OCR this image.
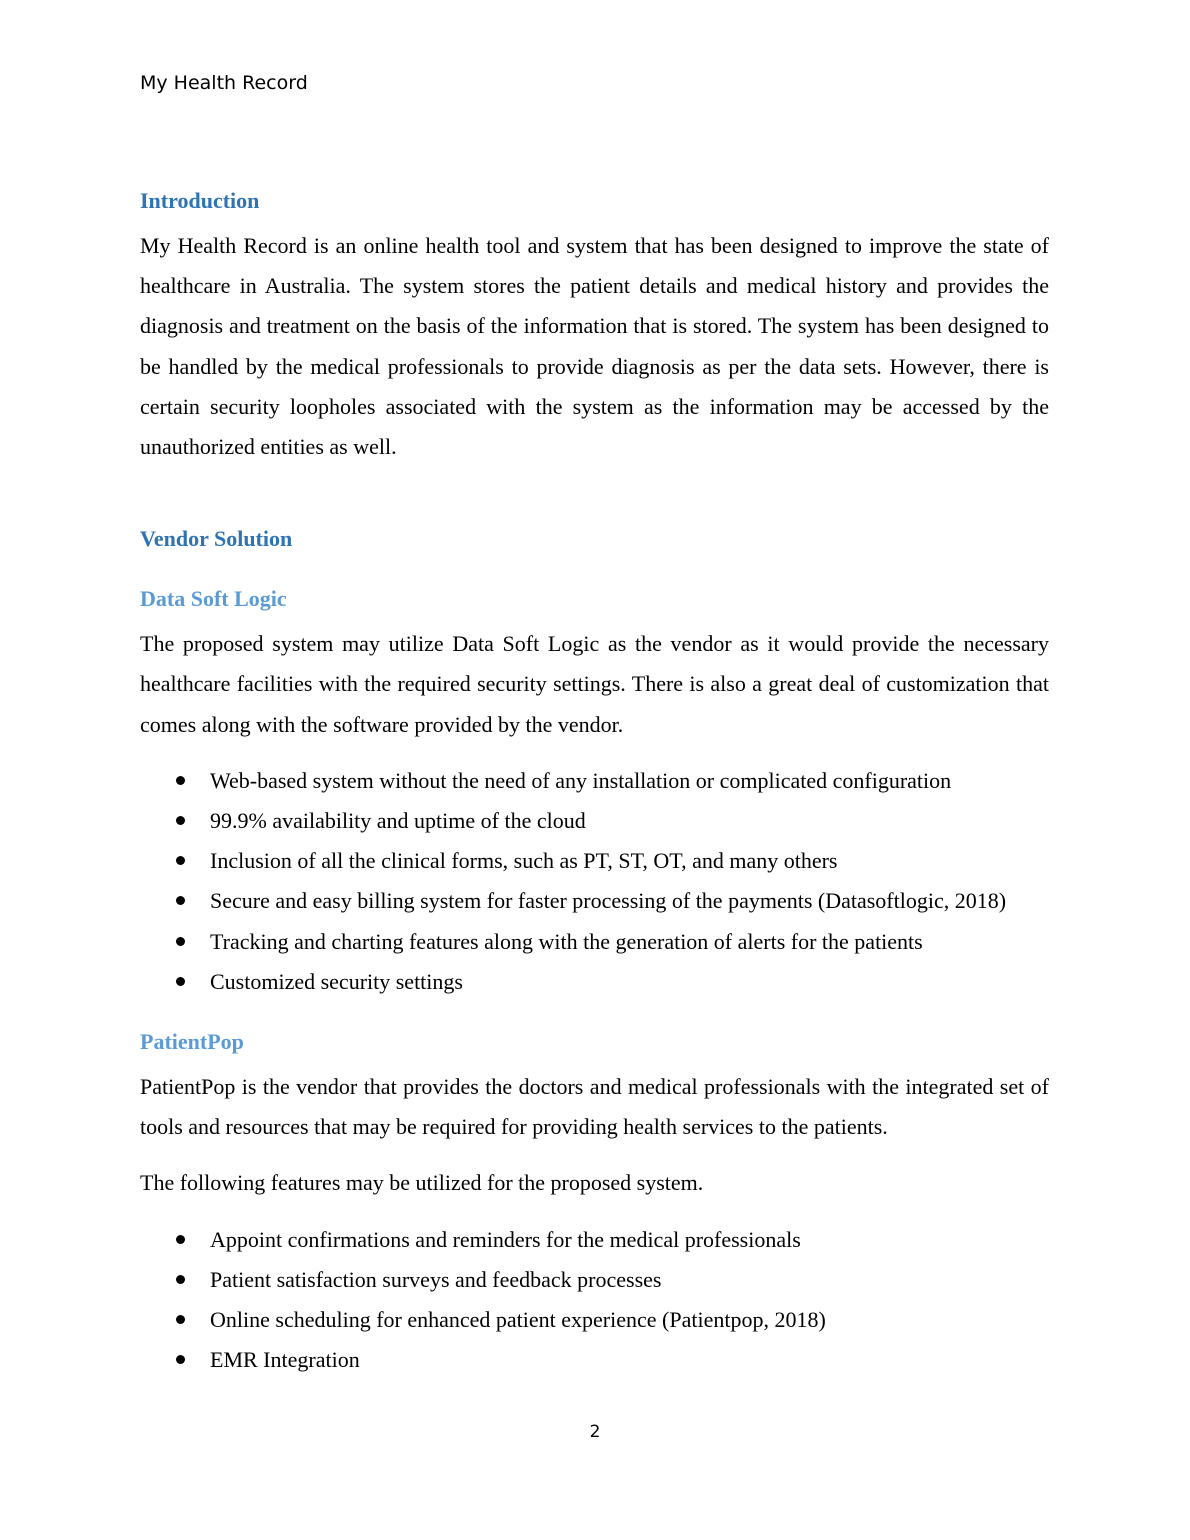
My Health Record
Introduction

My Health Record is an online health tool and system that has been designed to improve the state of healthcare in Australia. The system stores the patient details and medical history and provides the diagnosis and treatment on the basis of the information that is stored. The system has been designed to be handled by the medical professionals to provide diagnosis as per the data sets. However, there is certain security loopholes associated with the system as the information may be accessed by the unauthorized entities as well.

Vendor Solution
Data Soft Logic

The proposed system may utilize Data Soft Logic as the vendor as it would provide the necessary healthcare facilities with the required security settings. There is also a great deal of customization that comes along with the software provided by the vendor.

Web-based system without the need of any installation or complicated configuration
99.9% availability and uptime of the cloud
Inclusion of all the clinical forms, such as PT, ST, OT, and many others
Secure and easy billing system for faster processing of the payments (Datasoftlogic, 2018)
Tracking and charting features along with the generation of alerts for the patients
Customized security settings
PatientPop

PatientPop is the vendor that provides the doctors and medical professionals with the integrated set of tools and resources that may be required for providing health services to the patients.

The following features may be utilized for the proposed system.

Appoint confirmations and reminders for the medical professionals
Patient satisfaction surveys and feedback processes
Online scheduling for enhanced patient experience (Patientpop, 2018)
EMR Integration
2
